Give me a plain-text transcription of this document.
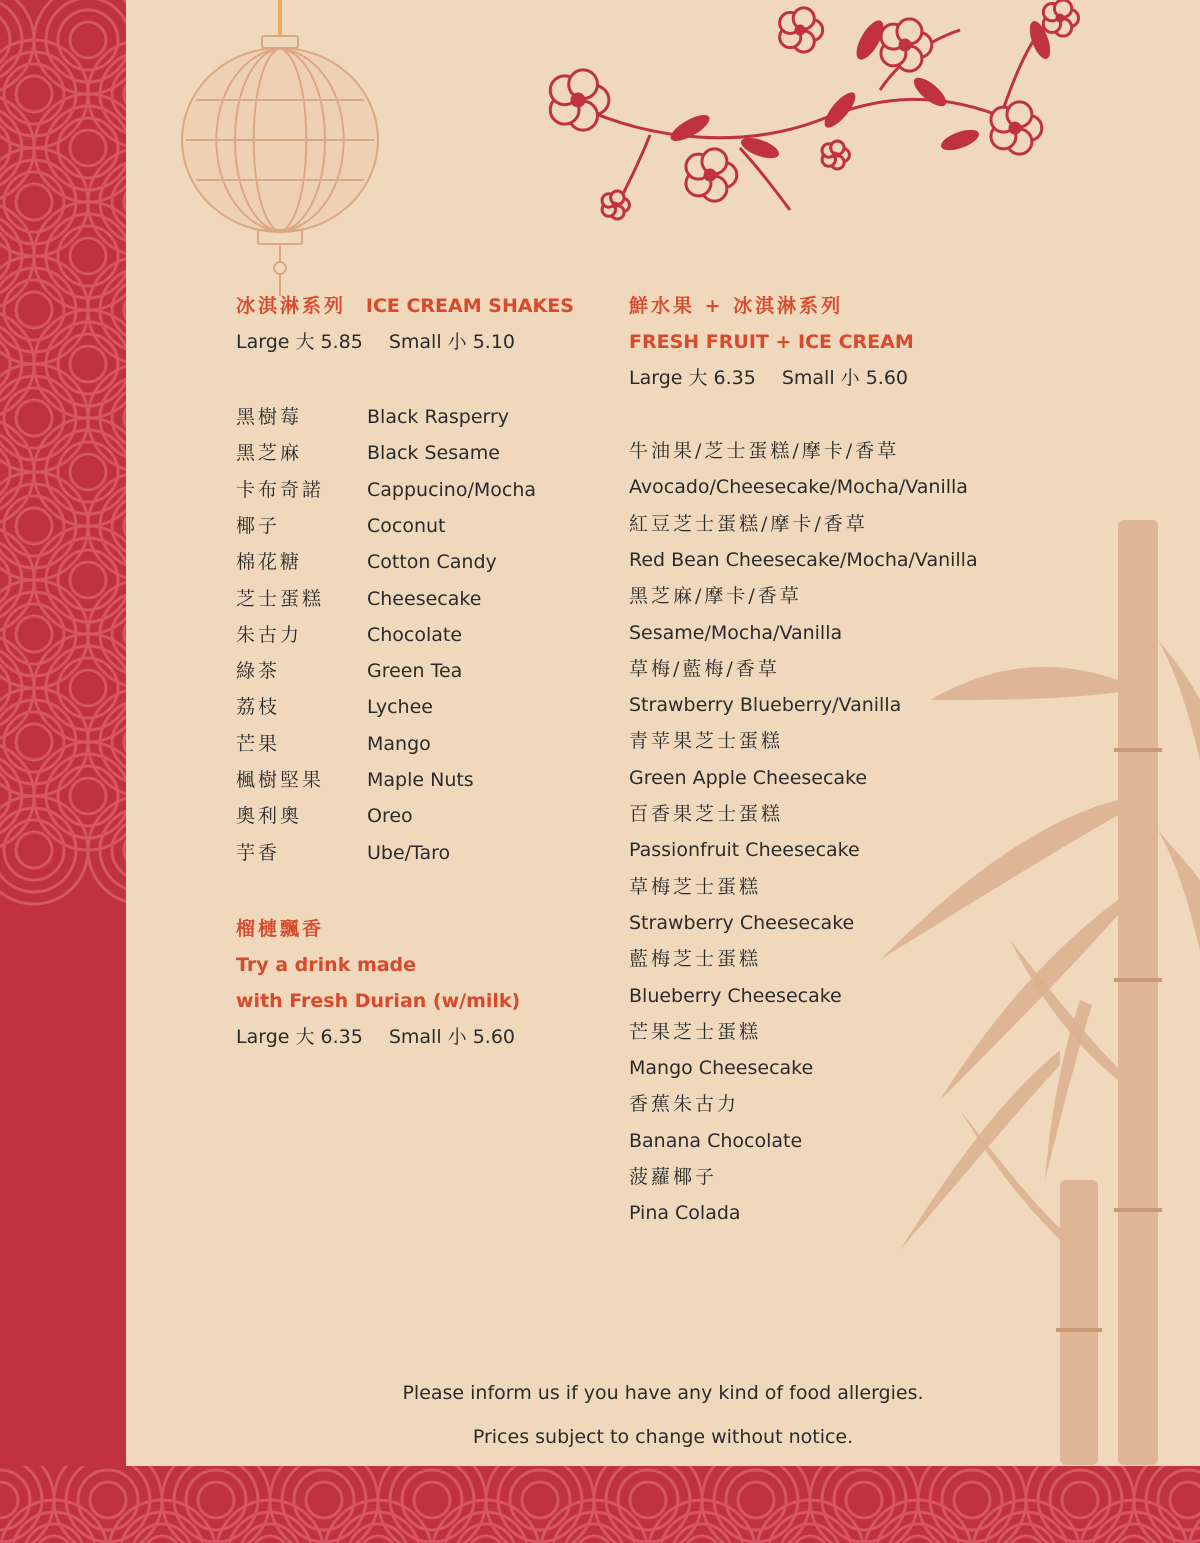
冰淇淋系列 ICE CREAM SHAKES
Large 大 5.85 Small 小 5.10
黑樹莓	Black Rasperry
黑芝麻	Black Sesame
卡布奇諾 Cappucino/Mocha
椰子	Coconut
棉花糖	Cotton Candy
芝士蛋糕 Cheesecake
朱古力	Chocolate
綠茶	Green Tea
荔枝	Lychee
芒果	Mango
楓樹堅果 Maple Nuts
奧利奧	Oreo
芋香	Ube/Taro
榴槤飄香
Try a drink made
with Fresh Durian (w/milk)
Large 大 6.35 Small 小 5.60
鮮水果 + 冰淇淋系列
FRESH FRUIT + ICE CREAM
Large 大 6.35 Small 小 5.60
牛油果/芝士蛋糕/摩卡/香草
Avocado/Cheesecake/Mocha/Vanilla
紅豆芝士蛋糕/摩卡/香草
Red Bean Cheesecake/Mocha/Vanilla
黑芝麻/摩卡/香草
Sesame/Mocha/Vanilla
草梅/藍梅/香草
Strawberry Blueberry/Vanilla
青苹果芝士蛋糕
Green Apple Cheesecake
百香果芝士蛋糕
Passionfruit Cheesecake
草梅芝士蛋糕
Strawberry Cheesecake
藍梅芝士蛋糕
Blueberry Cheesecake
芒果芝士蛋糕
Mango Cheesecake
香蕉朱古力
Banana Chocolate
菠蘿椰子
Pina Colada
Please inform us if you have any kind of food allergies.
Prices subject to change without notice.
